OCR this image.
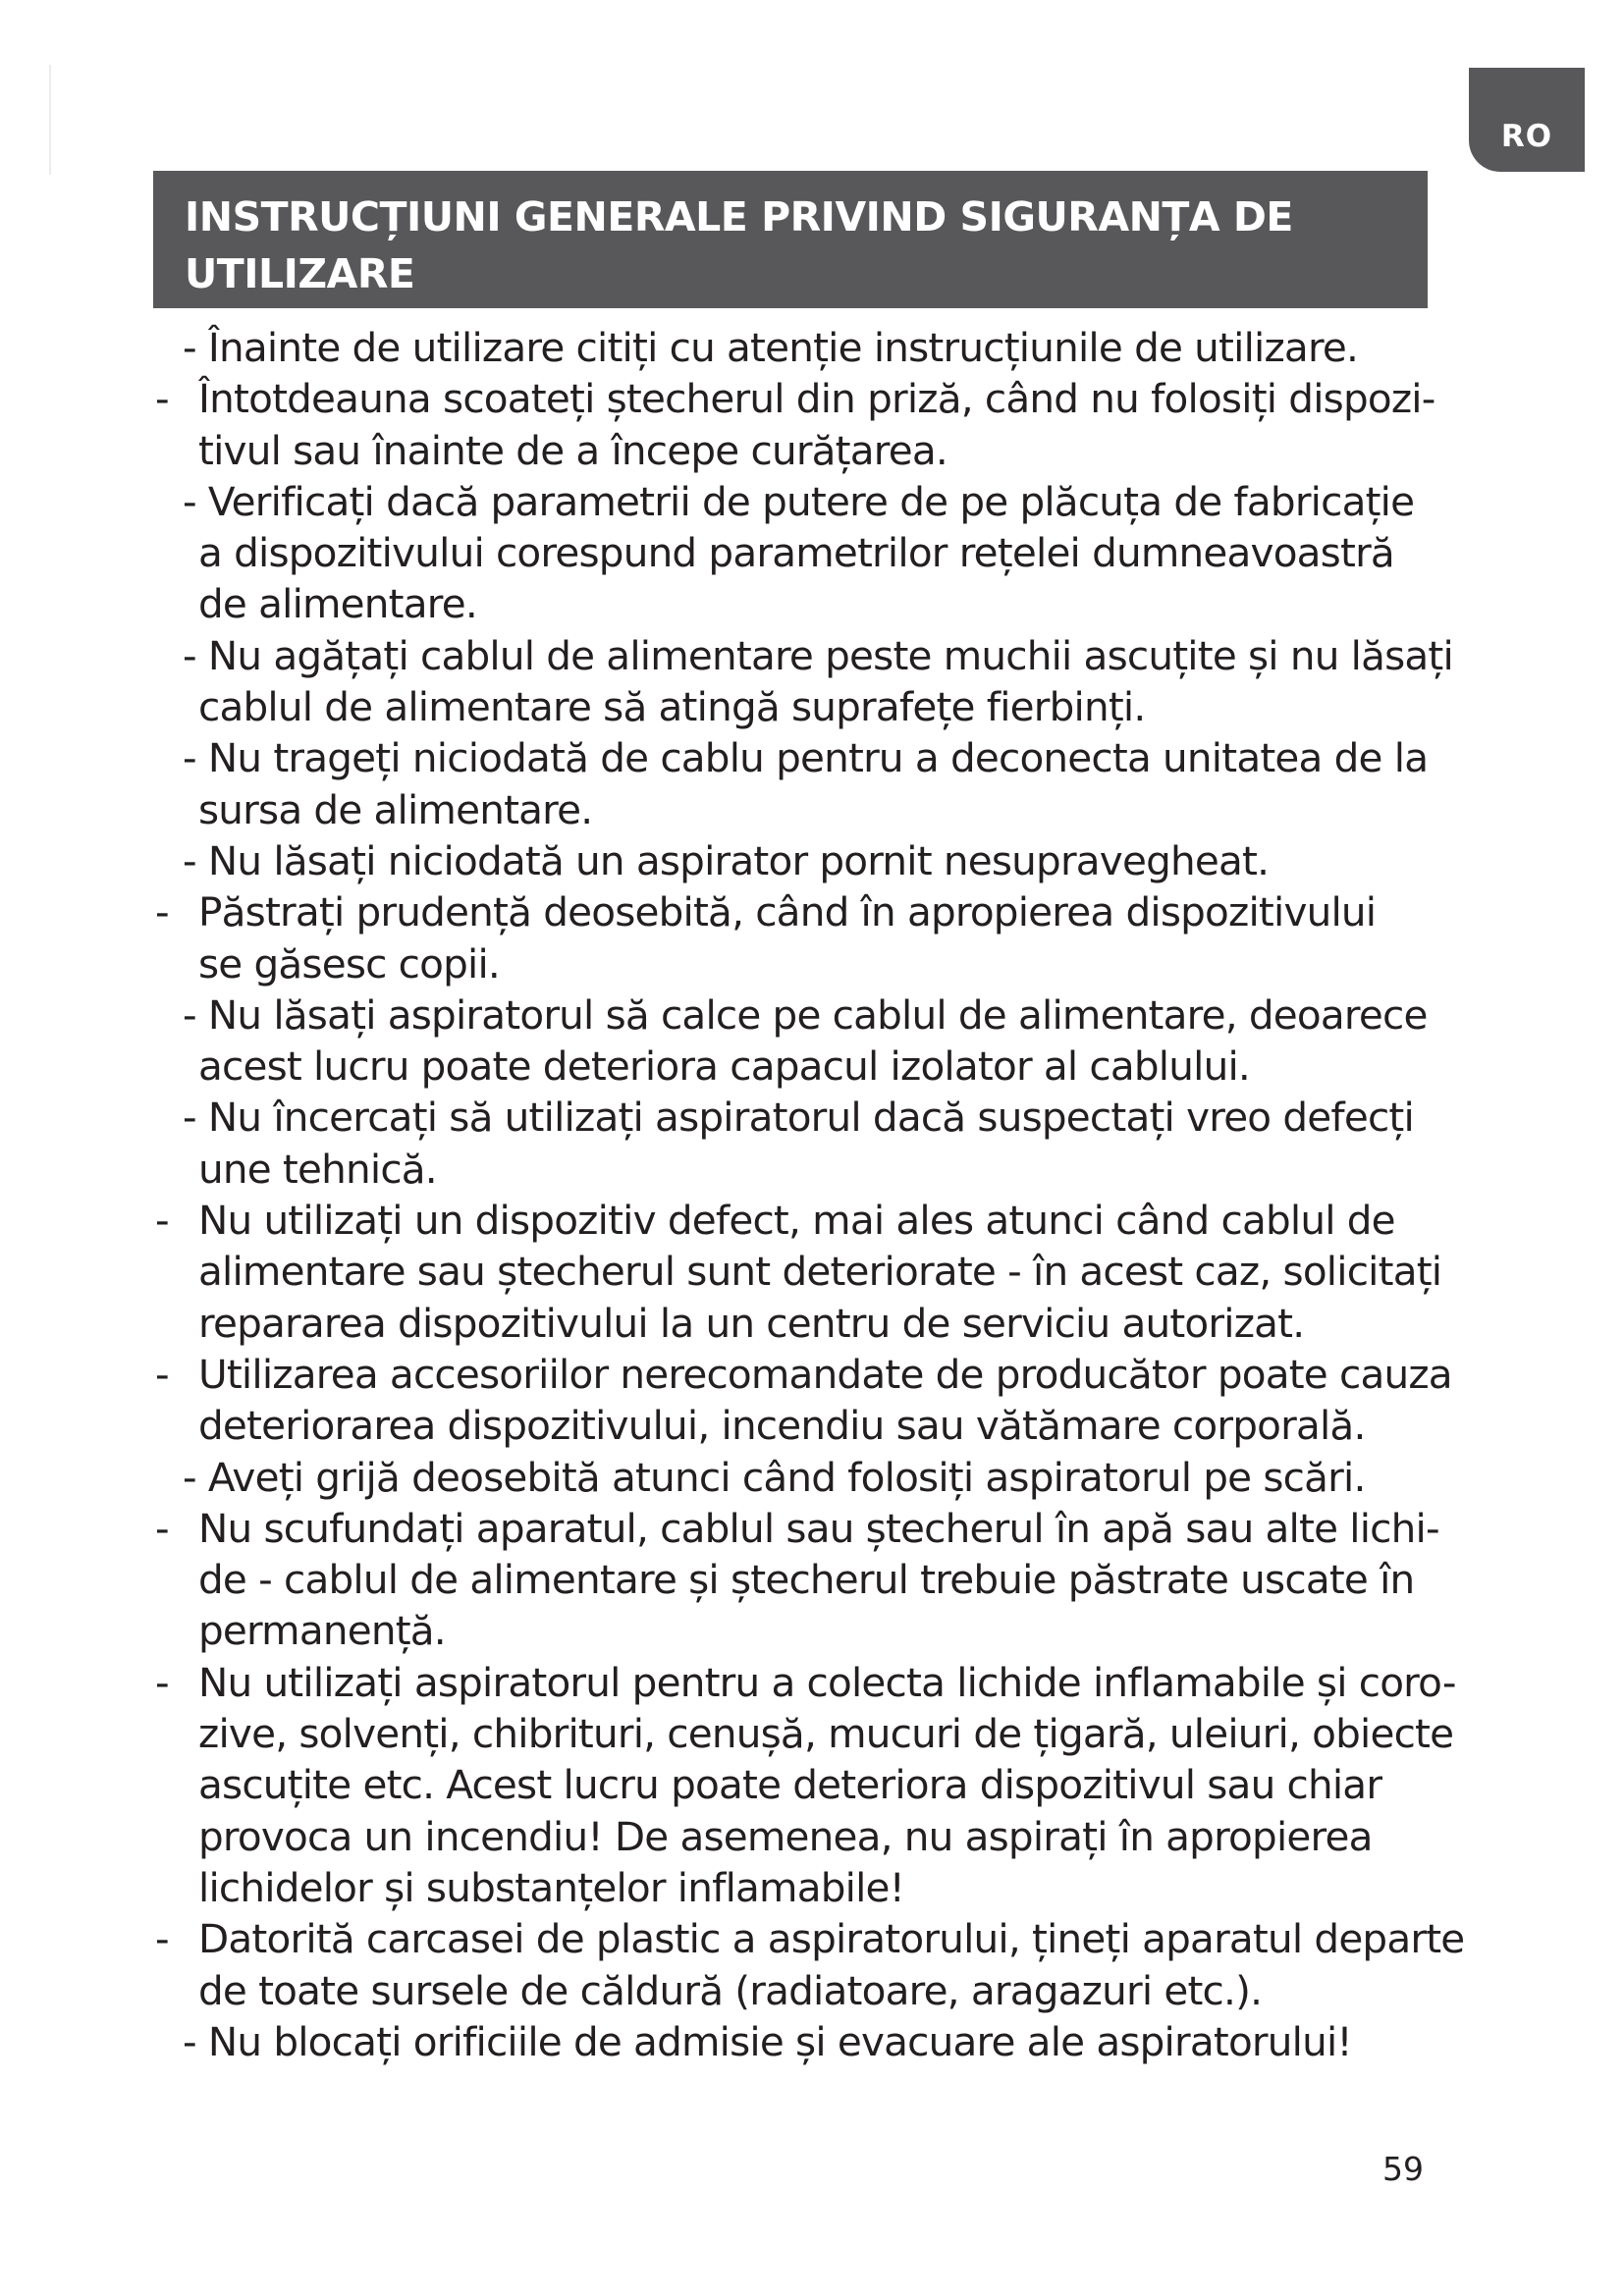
RO
INSTRUCȚIUNI GENERALE PRIVIND SIGURANȚA DE
UTILIZARE
- Înainte de utilizare citiți cu atenție instrucțiunile de utilizare.
- Întotdeauna scoateți ștecherul din priză, când nu folosiți dispozi-
tivul sau înainte de a începe curățarea.
- Verificați dacă parametrii de putere de pe plăcuța de fabricație
a dispozitivului corespund parametrilor rețelei dumneavoastră
de alimentare.
- Nu agățați cablul de alimentare peste muchii ascuțite și nu lăsați
cablul de alimentare să atingă suprafețe fierbinți.
- Nu trageți niciodată de cablu pentru a deconecta unitatea de la
sursa de alimentare.
- Nu lăsați niciodată un aspirator pornit nesupravegheat.
- Păstrați prudență deosebită, când în apropierea dispozitivului
se găsesc copii.
- Nu lăsați aspiratorul să calce pe cablul de alimentare, deoarece
acest lucru poate deteriora capacul izolator al cablului.
- Nu încercați să utilizați aspiratorul dacă suspectați vreo defecți
une tehnică.
- Nu utilizați un dispozitiv defect, mai ales atunci când cablul de
alimentare sau ștecherul sunt deteriorate - în acest caz, solicitați
repararea dispozitivului la un centru de serviciu autorizat.
- Utilizarea accesoriilor nerecomandate de producător poate cauza
deteriorarea dispozitivului, incendiu sau vătămare corporală.
- Aveți grijă deosebită atunci când folosiți aspiratorul pe scări.
- Nu scufundați aparatul, cablul sau ștecherul în apă sau alte lichi-
de - cablul de alimentare și ștecherul trebuie păstrate uscate în
permanență.
- Nu utilizați aspiratorul pentru a colecta lichide inflamabile și coro-
zive, solvenți, chibrituri, cenușă, mucuri de țigară, uleiuri, obiecte
ascuțite etc. Acest lucru poate deteriora dispozitivul sau chiar
provoca un incendiu! De asemenea, nu aspirați în apropierea
lichidelor și substanțelor inflamabile!
- Datorită carcasei de plastic a aspiratorului, țineți aparatul departe
de toate sursele de căldură (radiatoare, aragazuri etc.).
- Nu blocați orificiile de admisie și evacuare ale aspiratorului!
59
